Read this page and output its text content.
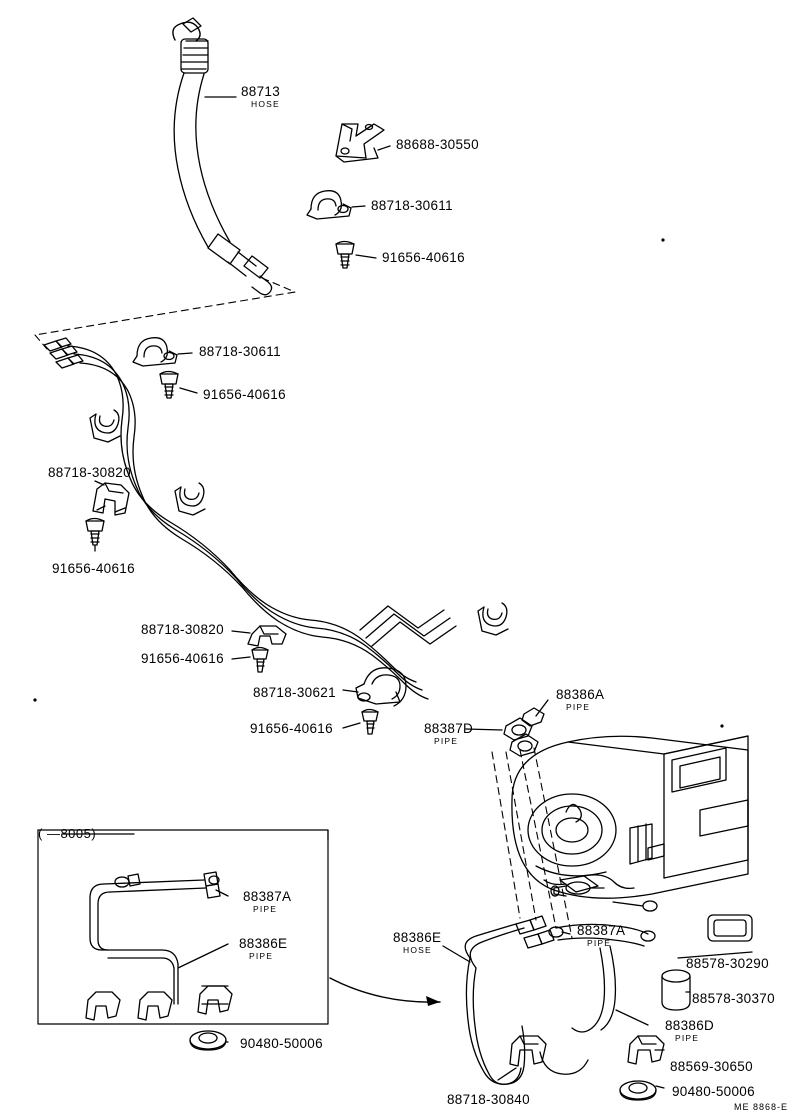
88713
HOSE
88688-30550
88718-30611
91656-40616
88718-30611
91656-40616
88718-30820
91656-40616
88718-30820
91656-40616
88718-30621
91656-40616
88386A
PIPE
88387D
PIPE
88387A
PIPE
88386E
HOSE
88578-30290
88578-30370
88386D
PIPE
88569-30650
90480-50006
88718-30840
88387A
PIPE
88386E
PIPE
90480-50006
( —8005)
ME 8868-E
